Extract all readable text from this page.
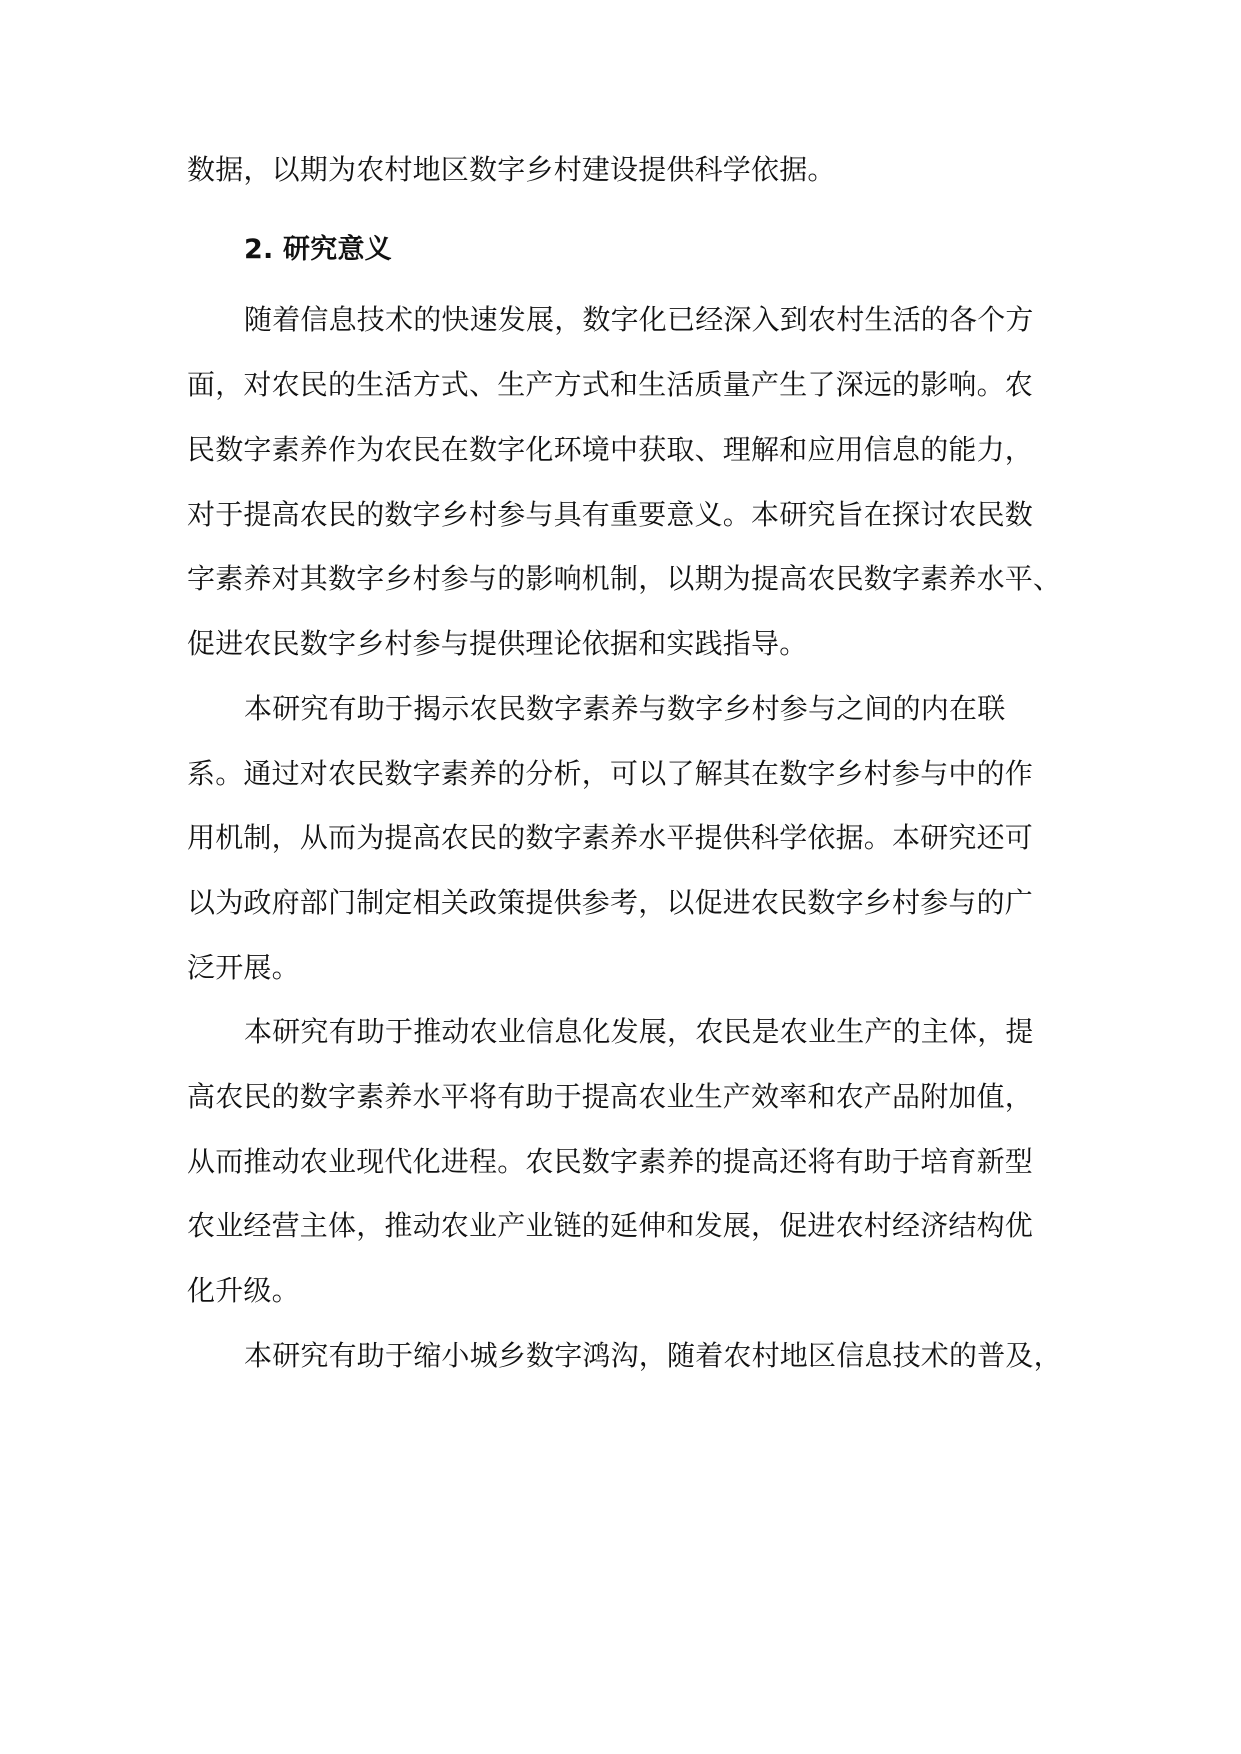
数据，以期为农村地区数字乡村建设提供科学依据。
2. 研究意义
随着信息技术的快速发展，数字化已经深入到农村生活的各个方
面，对农民的生活方式、生产方式和生活质量产生了深远的影响。农
民数字素养作为农民在数字化环境中获取、理解和应用信息的能力，
对于提高农民的数字乡村参与具有重要意义。本研究旨在探讨农民数
字素养对其数字乡村参与的影响机制，以期为提高农民数字素养水平、
促进农民数字乡村参与提供理论依据和实践指导。
本研究有助于揭示农民数字素养与数字乡村参与之间的内在联
系。通过对农民数字素养的分析，可以了解其在数字乡村参与中的作
用机制，从而为提高农民的数字素养水平提供科学依据。本研究还可
以为政府部门制定相关政策提供参考，以促进农民数字乡村参与的广
泛开展。
本研究有助于推动农业信息化发展，农民是农业生产的主体，提
高农民的数字素养水平将有助于提高农业生产效率和农产品附加值，
从而推动农业现代化进程。农民数字素养的提高还将有助于培育新型
农业经营主体，推动农业产业链的延伸和发展，促进农村经济结构优
化升级。
本研究有助于缩小城乡数字鸿沟，随着农村地区信息技术的普及，
